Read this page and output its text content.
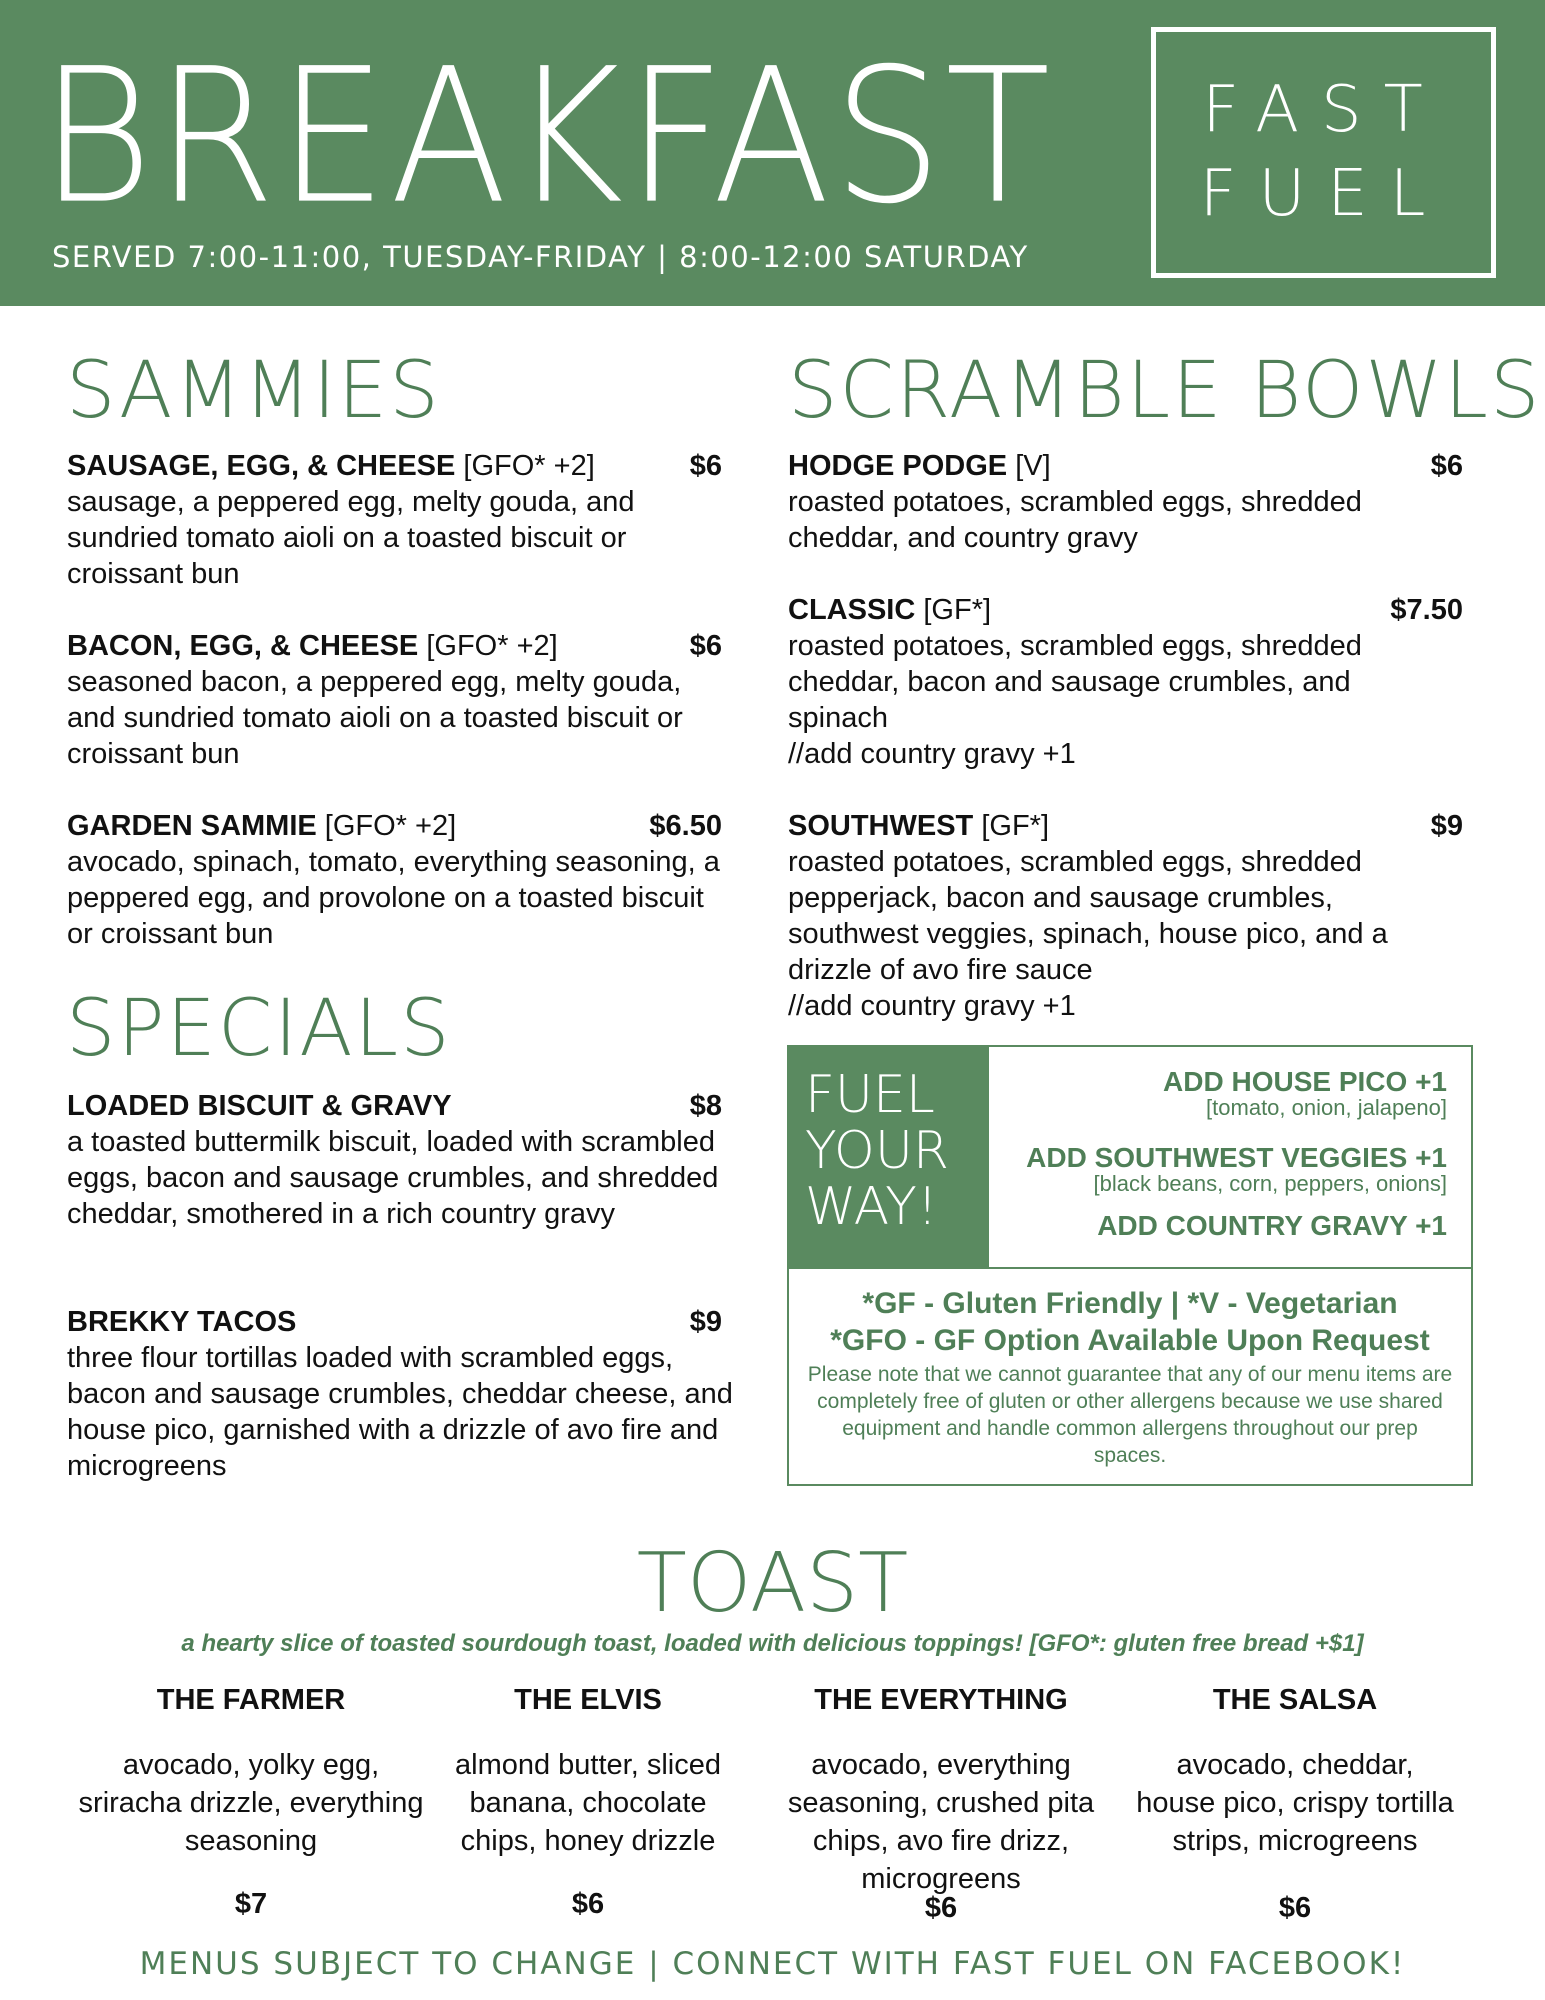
BREAKFAST
SERVED 7:00-11:00, TUESDAY-FRIDAY | 8:00-12:00 SATURDAY
FAST
FUEL
SAMMIES
SAUSAGE, EGG, & CHEESE [GFO* +2]	$6

sausage, a peppered egg, melty gouda, and sundried tomato aioli on a toasted biscuit or croissant bun

BACON, EGG, & CHEESE [GFO* +2]	$6

seasoned bacon, a peppered egg, melty gouda, and sundried tomato aioli on a toasted biscuit or croissant bun

GARDEN SAMMIE [GFO* +2]	$6.50

avocado, spinach, tomato, everything seasoning, a peppered egg, and provolone on a toasted biscuit or croissant bun

SPECIALS
LOADED BISCUIT & GRAVY	$8

a toasted buttermilk biscuit, loaded with scrambled eggs, bacon and sausage crumbles, and shredded cheddar, smothered in a rich country gravy

BREKKY TACOS	$9

three flour tortillas loaded with scrambled eggs, bacon and sausage crumbles, cheddar cheese, and house pico, garnished with a drizzle of avo fire and microgreens

SCRAMBLE BOWLS
HODGE PODGE [V]	$6

roasted potatoes, scrambled eggs, shredded cheddar, and country gravy

CLASSIC [GF*]	$7.50

roasted potatoes, scrambled eggs, shredded cheddar, bacon and sausage crumbles, and spinach
//add country gravy +1

SOUTHWEST [GF*]	$9

roasted potatoes, scrambled eggs, shredded pepperjack, bacon and sausage crumbles, southwest veggies, spinach, house pico, and a drizzle of avo fire sauce
//add country gravy +1

FUEL
YOUR
WAY!
ADD HOUSE PICO +1
[tomato, onion, jalapeno]
ADD SOUTHWEST VEGGIES +1
[black beans, corn, peppers, onions]
ADD COUNTRY GRAVY +1
*GF - Gluten Friendly | *V - Vegetarian
*GFO - GF Option Available Upon Request
Please note that we cannot guarantee that any of our menu items are completely free of gluten or other allergens because we use shared equipment and handle common allergens throughout our prep spaces.
TOAST
a hearty slice of toasted sourdough toast, loaded with delicious toppings! [GFO*: gluten free bread +$1]
THE FARMER
avocado, yolky egg, sriracha drizzle, everything seasoning
$7
THE ELVIS
almond butter, sliced banana, chocolate chips, honey drizzle
$6
THE EVERYTHING
avocado, everything seasoning, crushed pita chips, avo fire drizz, microgreens
$6
THE SALSA
avocado, cheddar, house pico, crispy tortilla strips, microgreens
$6
MENUS SUBJECT TO CHANGE | CONNECT WITH FAST FUEL ON FACEBOOK!
